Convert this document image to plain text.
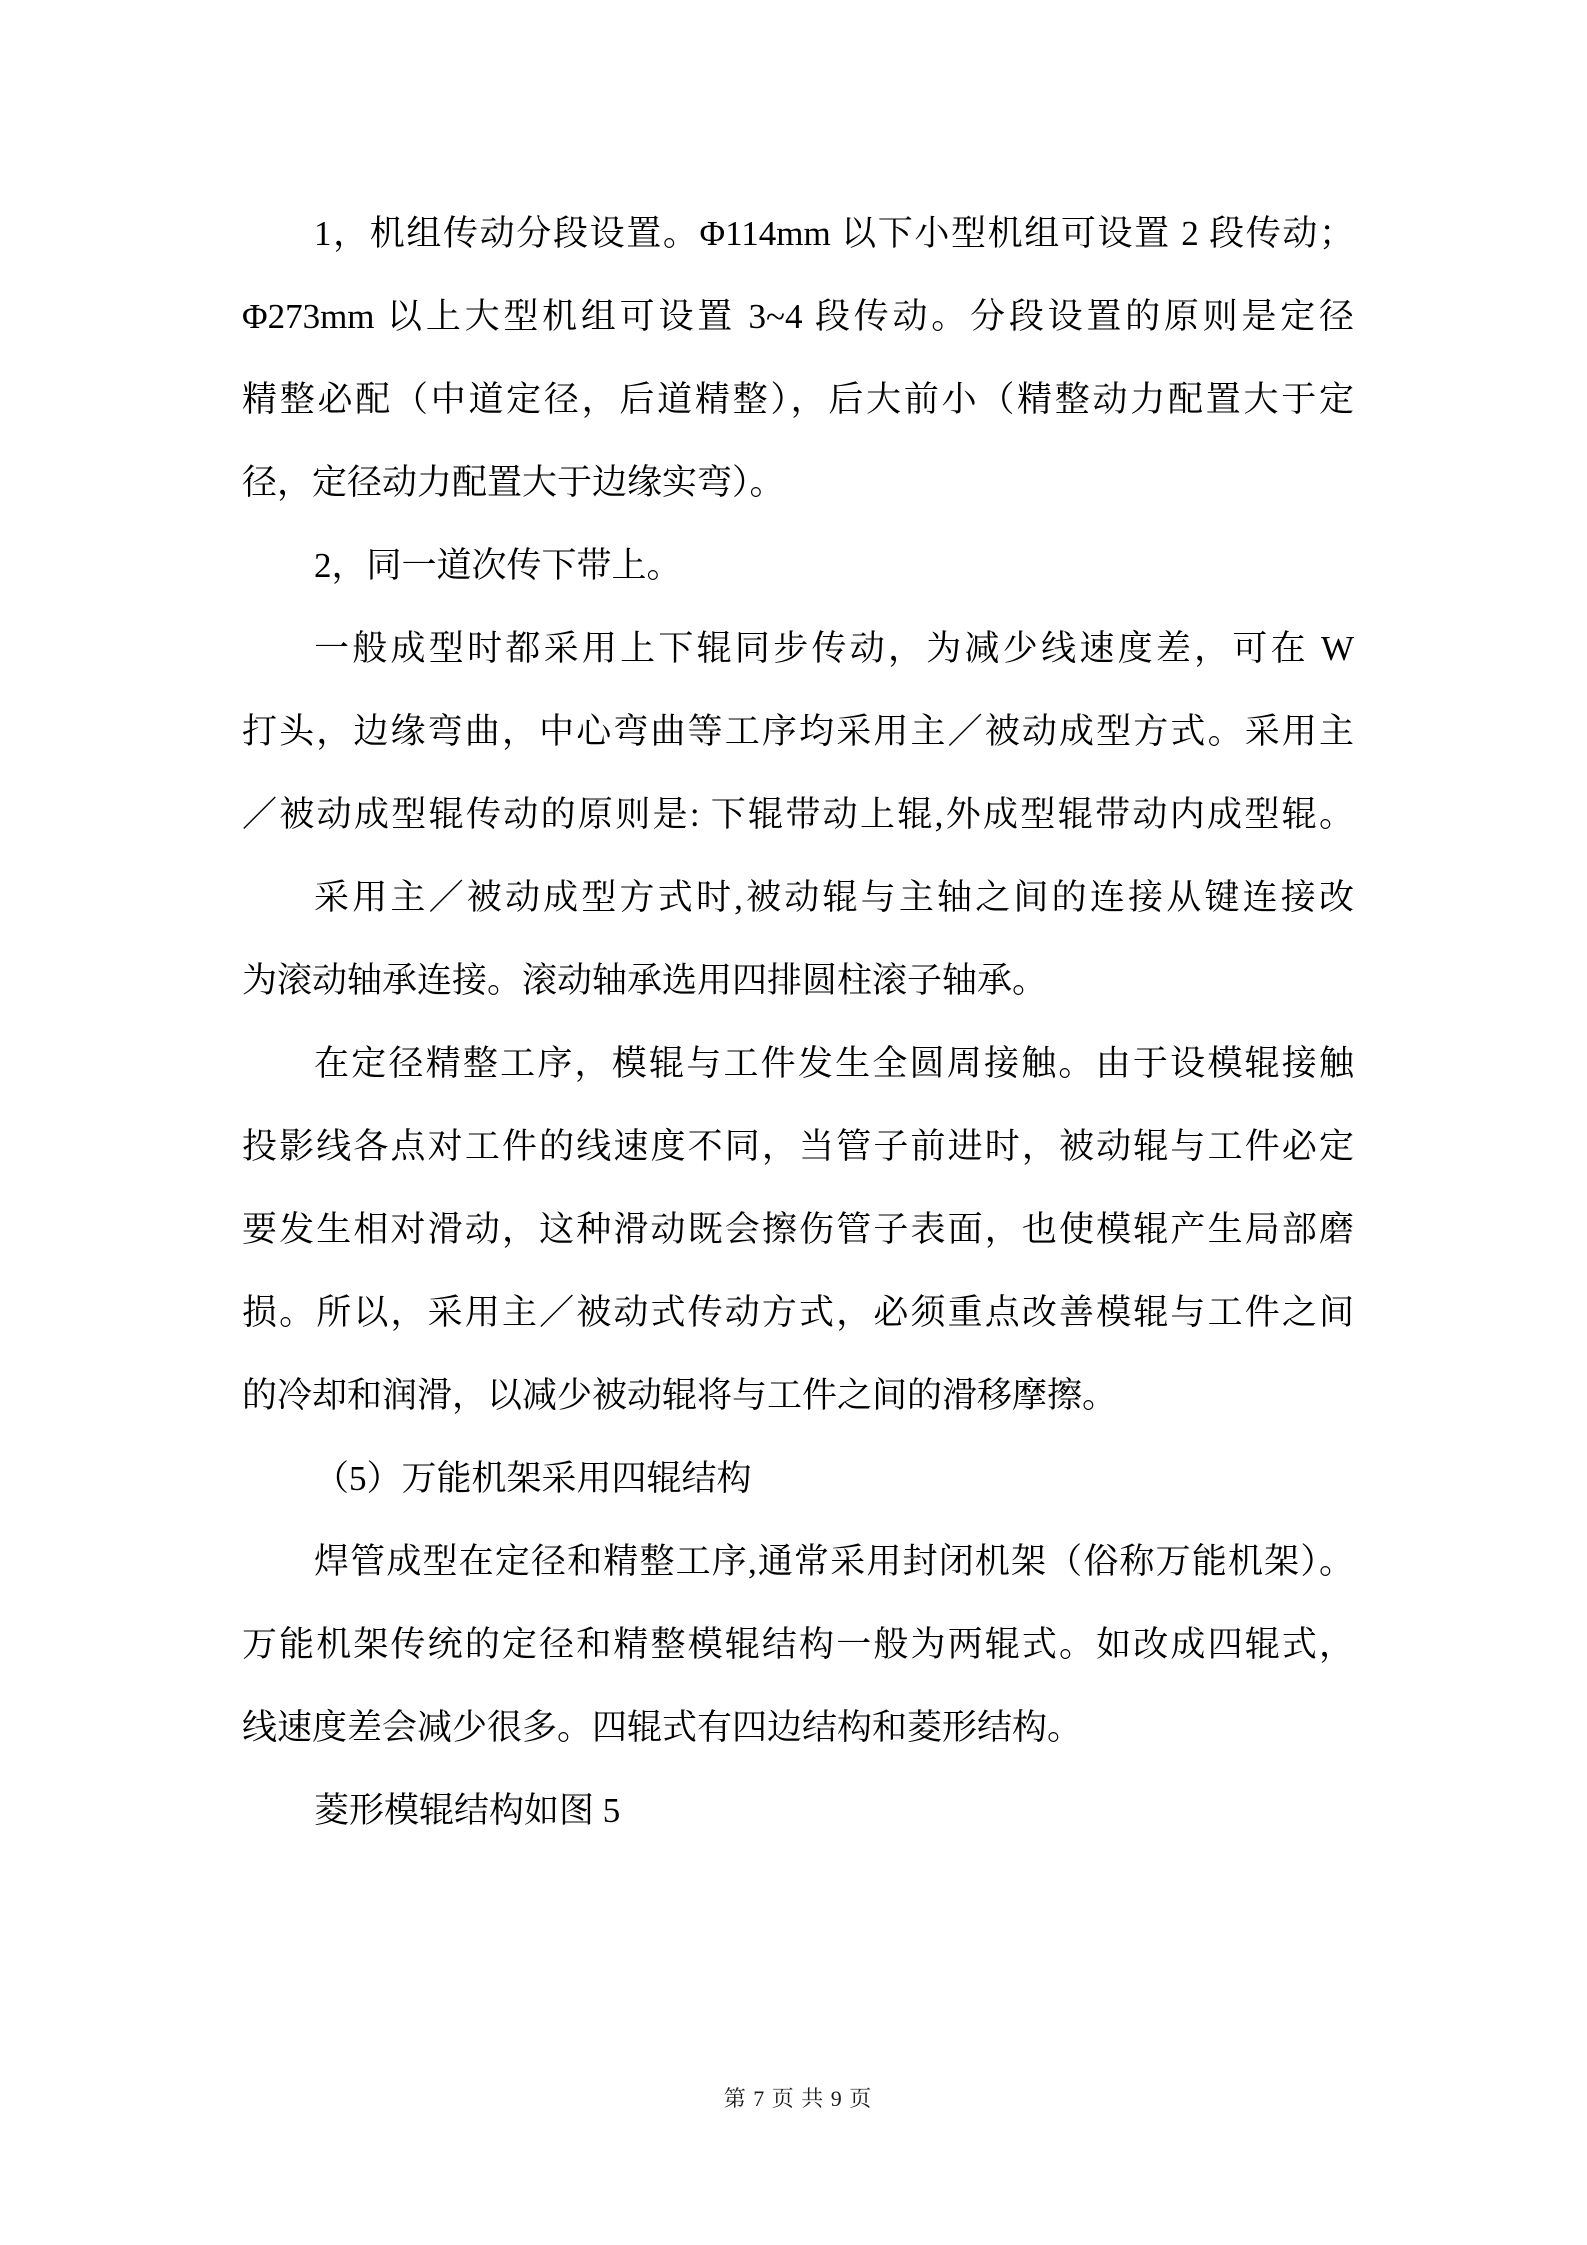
1，机组传动分段设置。Φ114mm 以下小型机组可设置 2 段传动；
Φ273mm 以上大型机组可设置 3~4 段传动。分段设置的原则是定径
精整必配（中道定径，后道精整），后大前小（精整动力配置大于定
径，定径动力配置大于边缘实弯）。
2，同一道次传下带上。
一般成型时都采用上下辊同步传动，为减少线速度差，可在 W
打头，边缘弯曲，中心弯曲等工序均采用主／被动成型方式。采用主
／被动成型辊传动的原则是: 下辊带动上辊,外成型辊带动内成型辊。
采用主／被动成型方式时,被动辊与主轴之间的连接从键连接改
为滚动轴承连接。滚动轴承选用四排圆柱滚子轴承。
在定径精整工序，模辊与工件发生全圆周接触。由于设模辊接触
投影线各点对工件的线速度不同，当管子前进时，被动辊与工件必定
要发生相对滑动，这种滑动既会擦伤管子表面，也使模辊产生局部磨
损。所以，采用主／被动式传动方式，必须重点改善模辊与工件之间
的冷却和润滑，以减少被动辊将与工件之间的滑移摩擦。
（5）万能机架采用四辊结构
焊管成型在定径和精整工序,通常采用封闭机架（俗称万能机架）。
万能机架传统的定径和精整模辊结构一般为两辊式。如改成四辊式，
线速度差会减少很多。四辊式有四边结构和菱形结构。
菱形模辊结构如图 5
第 7 页 共 9 页
